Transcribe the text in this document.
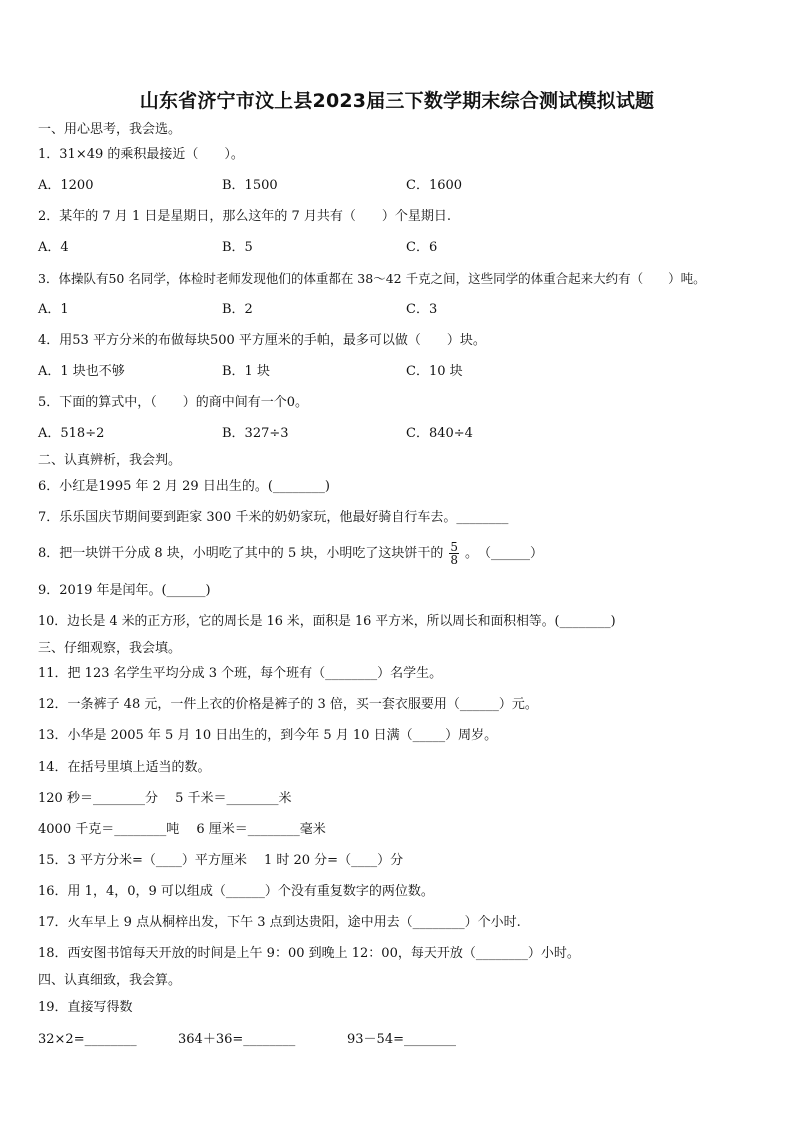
山东省济宁市汶上县2023届三下数学期末综合测试模拟试题
一、用心思考，我会选。
1．31×49 的乘积最接近（　　）。
A．1200	B．1500	C．1600
2．某年的 7 月 1 日是星期日，那么这年的 7 月共有（　　）个星期日.
A．4	B．5	C．6
3．体操队有50 名同学，体检时老师发现他们的体重都在 38～42 千克之间，这些同学的体重合起来大约有（　　）吨。
A．1	B．2	C．3
4．用53 平方分米的布做每块500 平方厘米的手帕，最多可以做（　　）块。
A．1 块也不够	B．1 块	C．10 块
5．下面的算式中，（　　）的商中间有一个0。
A．518÷2	B．327÷3	C．840÷4
二、认真辨析，我会判。
6．小红是1995 年 2 月 29 日出生的。(________)
7．乐乐国庆节期间要到距家 300 千米的奶奶家玩，他最好骑自行车去。________
8．把一块饼干分成 8 块，小明吃了其中的 5 块，小明吃了这块饼干的 $\frac{5}{8}$ 。　（______）
9．2019 年是闰年。(______)
10．边长是 4 米的正方形，它的周长是 16 米，面积是 16 平方米，所以周长和面积相等。(________)
三、仔细观察，我会填。
11．把 123 名学生平均分成 3 个班，每个班有（________）名学生。
12．一条裤子 48 元，一件上衣的价格是裤子的 3 倍，买一套衣服要用（______）元。
13．小华是 2005 年 5 月 10 日出生的，到今年 5 月 10 日满（_____）周岁。
14．在括号里填上适当的数。
120 秒＝________分　 5 千米＝________米
4000 千克＝________吨　 6 厘米＝________毫米
15．3 平方分米=（____）平方厘米　 1 时 20 分=（____）分
16．用 1，4，0，9 可以组成（______）个没有重复数字的两位数。
17．火车早上 9 点从桐梓出发，下午 3 点到达贵阳，途中用去（________）个小时.
18．西安图书馆每天开放的时间是上午 9：00 到晚上 12：00，每天开放（________）小时。
四、认真细致，我会算。
19．直接写得数
32×2=________	364＋36=________	93－54=________
